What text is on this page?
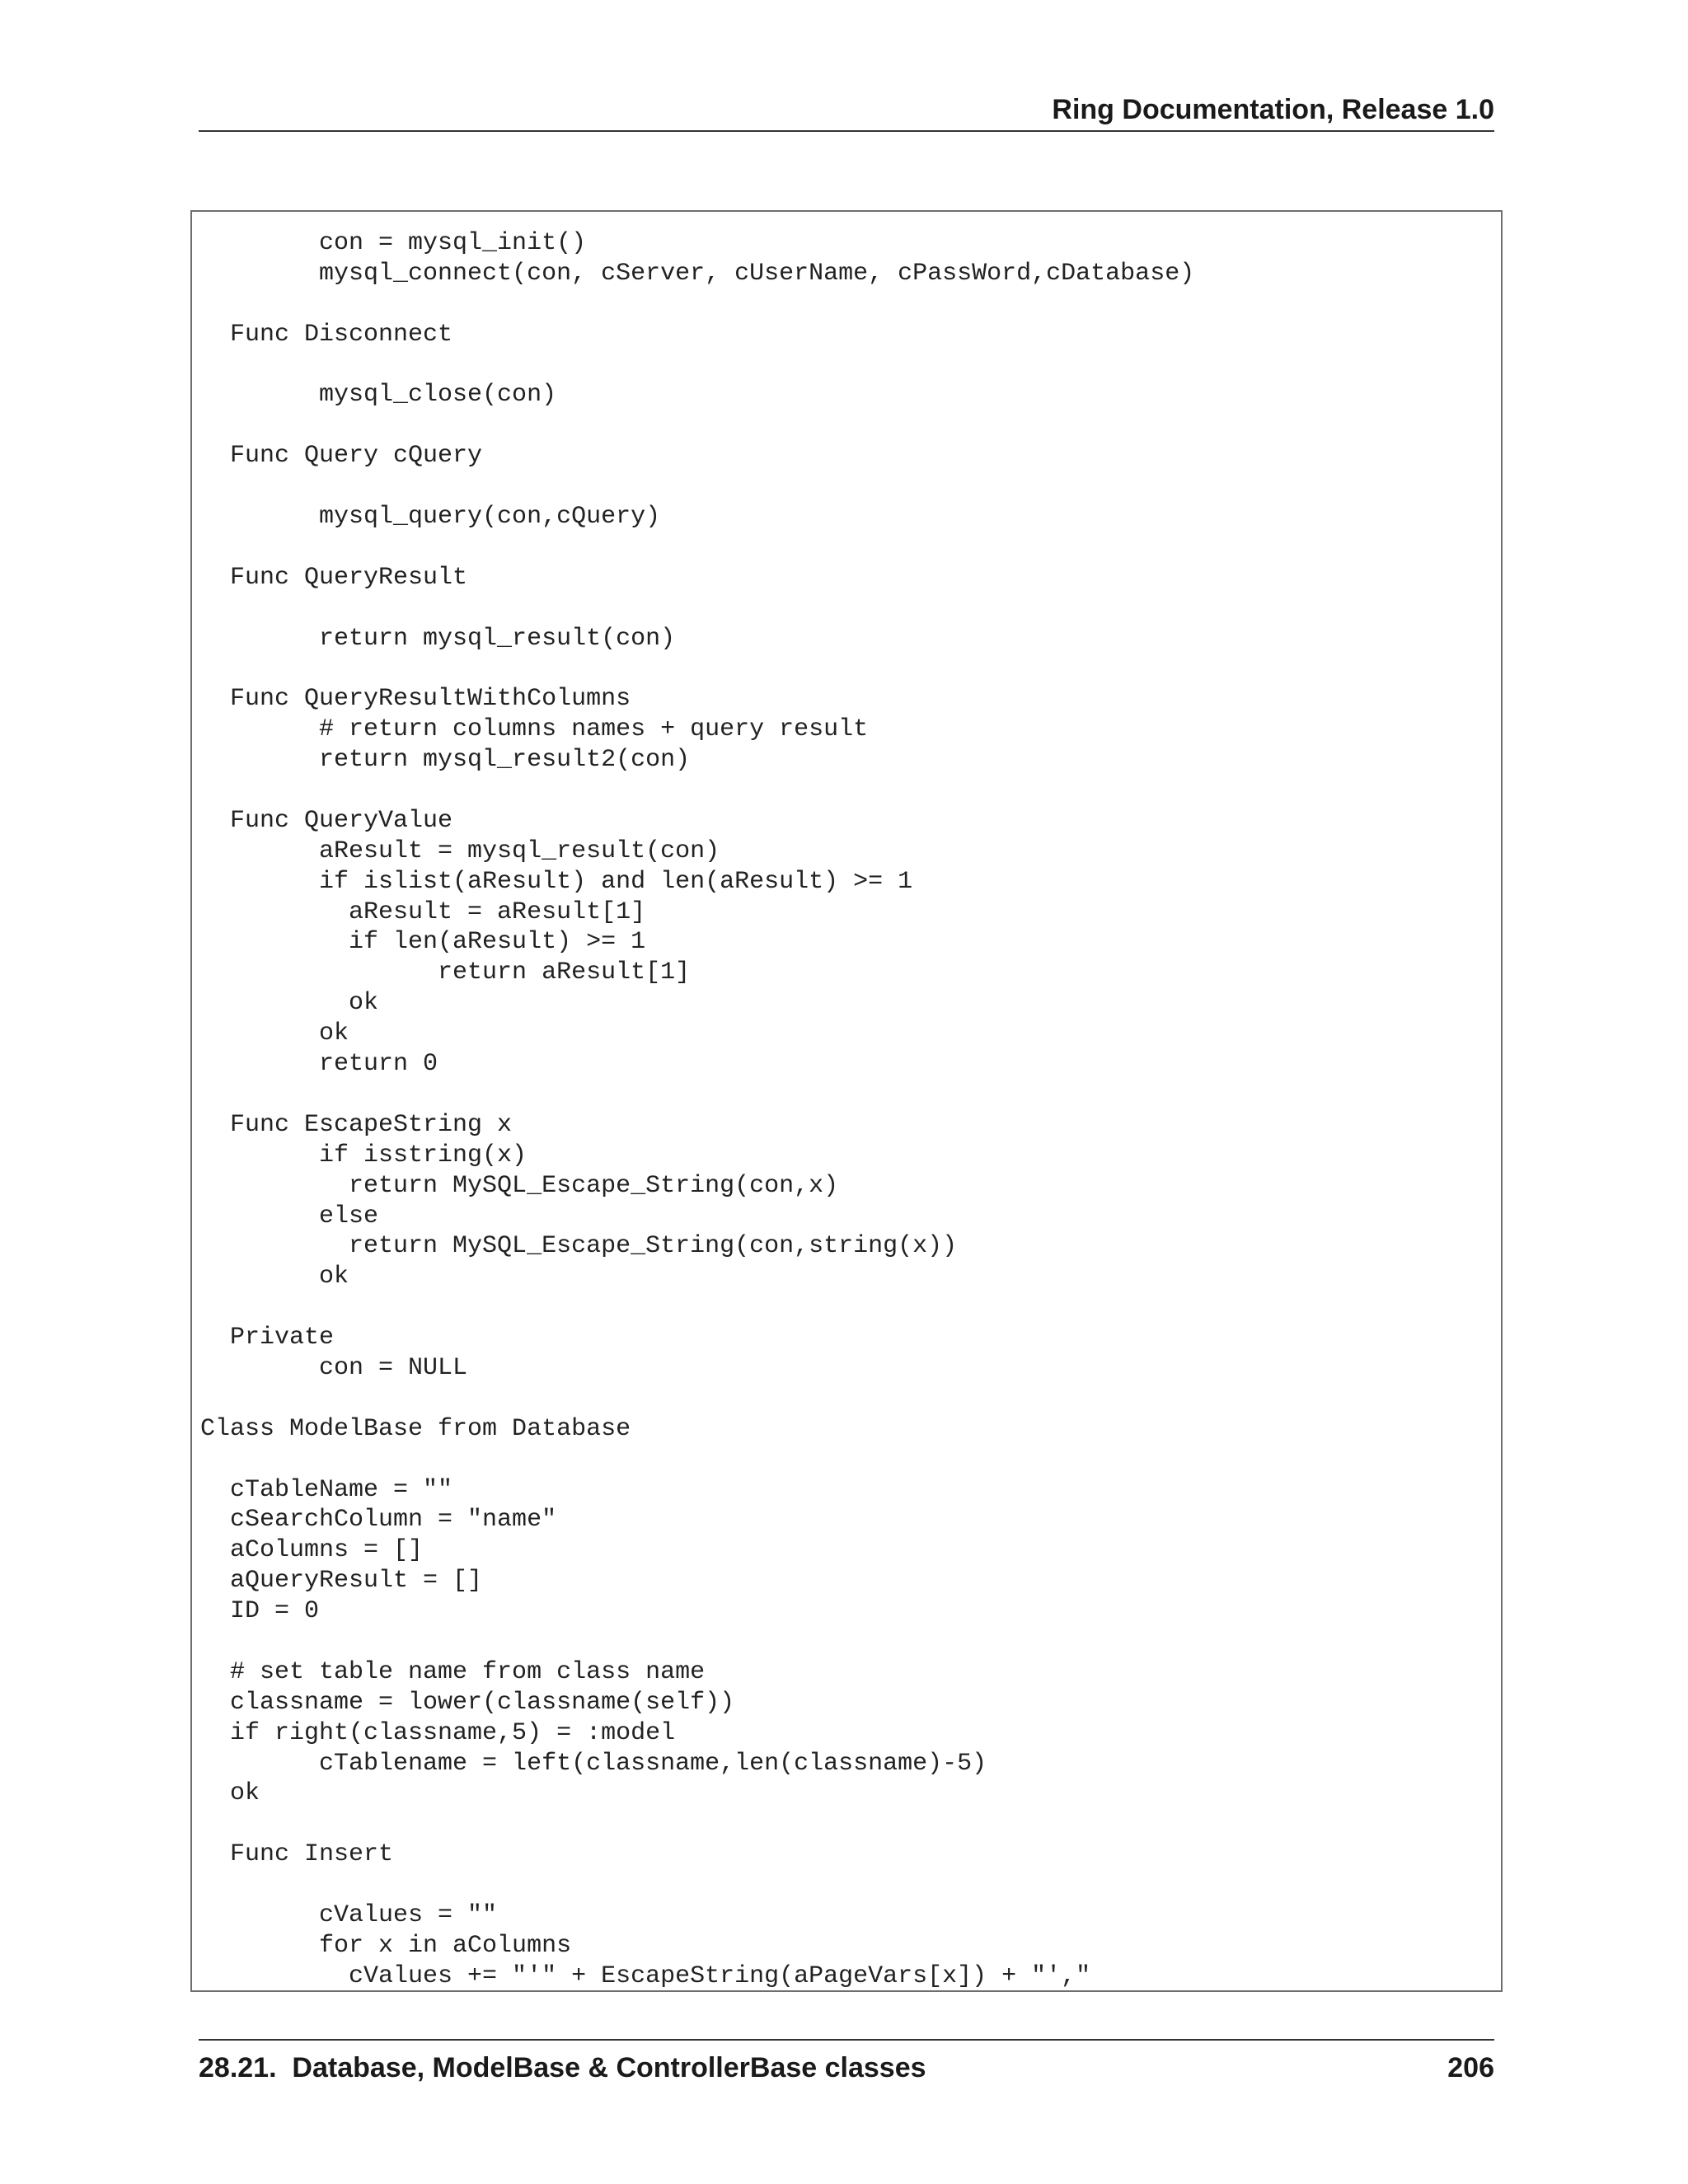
Ring Documentation, Release 1.0
con = mysql_init()
mysql_connect(con, cServer, cUserName, cPassWord,cDatabase)
Func Disconnect
mysql_close(con)
Func Query cQuery
mysql_query(con,cQuery)
Func QueryResult
return mysql_result(con)
Func QueryResultWithColumns
# return columns names + query result
return mysql_result2(con)
Func QueryValue
aResult = mysql_result(con)
if islist(aResult) and len(aResult) >= 1
aResult = aResult[1]
if len(aResult) >= 1
return aResult[1]
ok
ok
return 0
Func EscapeString x
if isstring(x)
return MySQL_Escape_String(con,x)
else
return MySQL_Escape_String(con,string(x))
ok
Private
con = NULL
Class ModelBase from Database
cTableName = ""
cSearchColumn = "name"
aColumns = []
aQueryResult = []
ID = 0
# set table name from class name
classname = lower(classname(self))
if right(classname,5) = :model
cTablename = left(classname,len(classname)-5)
ok
Func Insert
cValues = ""
for x in aColumns
cValues += "'" + EscapeString(aPageVars[x]) + "',"
28.21.  Database, ModelBase & ControllerBase classes	206
